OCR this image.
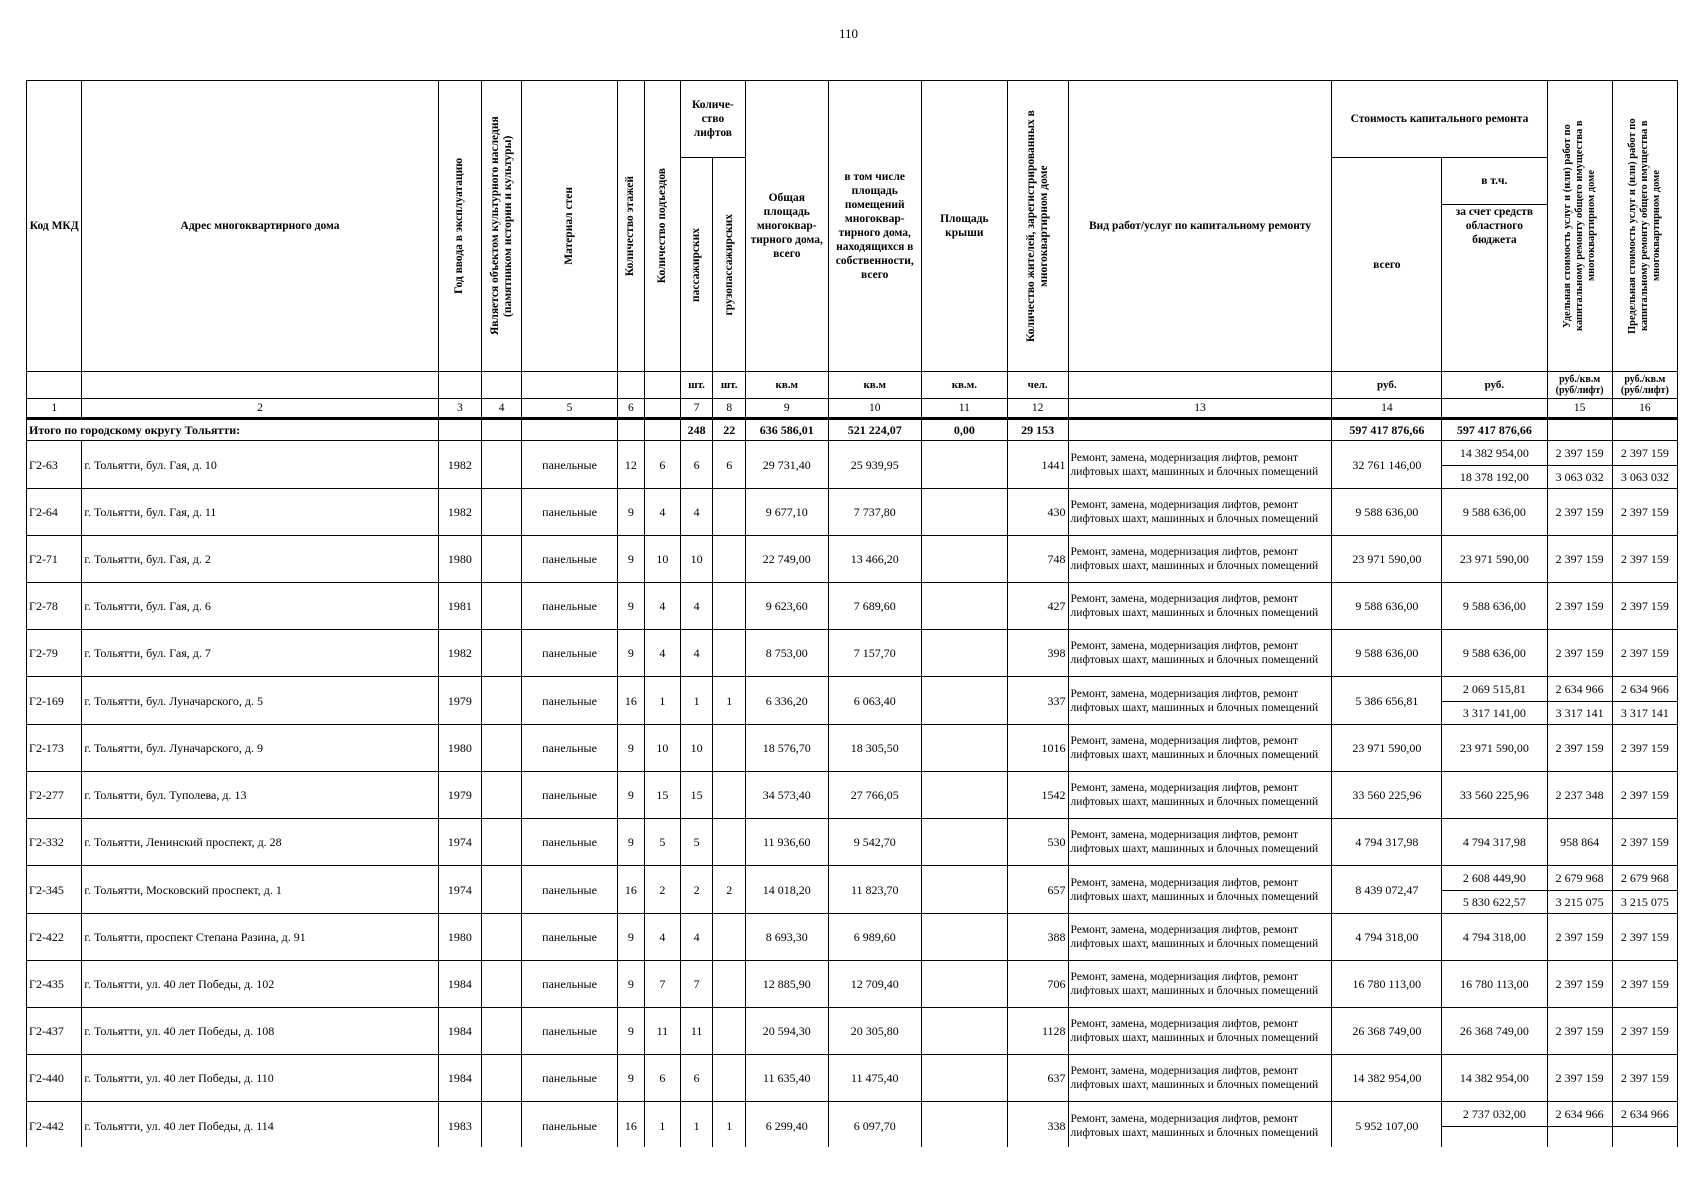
110
Код МКД	Адрес многоквартирного дома	Год ввода в эксплуатацию	Является объектом культурного наследия (памятником истории и культуры)	Материал стен	Количество этажей	Количество подъездов	Количе-ство лифтов		Общая площадь многоквар-тирного дома, всего	в том числе площадь помещений многоквар-тирного дома, находящихся в собственности, всего	Площадь крыши	Количество жителей, зарегистрированных в многоквартирном доме	Вид работ/услуг по капитальному ремонту	Стоимость капитального ремонта		Удельная стоимость услуг и (или) работ по капитальному ремонту общего имущества в многоквартирном доме	Предельная стоимость услуг и (или) работ по капитальному ремонту общего имущества в многоквартирном доме

							пассажирских	грузопассажирских						всего	в т.ч.		
															за счет средств областного бюджета		
							шт.	шт.	кв.м	кв.м	кв.м.	чел.		руб.	руб.	руб./кв.м (руб/лифт)	руб./кв.м (руб/лифт)
1	2	3	4	5	6		7	8	9	10	11	12	13	14		15	16
Итого по городскому округу Тольятти:							248	22	636 586,01	521 224,07	0,00	29 153		597 417 876,66	597 417 876,66		
Г2-63	г. Тольятти, бул. Гая, д. 10	1982		панельные	12	6	6	6	29 731,40	25 939,95		1441	Ремонт, замена, модернизация лифтов, ремонт лифтовых шахт, машинных и блочных помещений	32 761 146,00	14 382 954,00	2 397 159	2 397 159
															18 378 192,00	3 063 032	3 063 032
Г2-64	г. Тольятти, бул. Гая, д. 11	1982		панельные	9	4	4		9 677,10	7 737,80		430	Ремонт, замена, модернизация лифтов, ремонт лифтовых шахт, машинных и блочных помещений	9 588 636,00	9 588 636,00	2 397 159	2 397 159
Г2-71	г. Тольятти, бул. Гая, д. 2	1980		панельные	9	10	10		22 749,00	13 466,20		748	Ремонт, замена, модернизация лифтов, ремонт лифтовых шахт, машинных и блочных помещений	23 971 590,00	23 971 590,00	2 397 159	2 397 159
Г2-78	г. Тольятти, бул. Гая, д. 6	1981		панельные	9	4	4		9 623,60	7 689,60		427	Ремонт, замена, модернизация лифтов, ремонт лифтовых шахт, машинных и блочных помещений	9 588 636,00	9 588 636,00	2 397 159	2 397 159
Г2-79	г. Тольятти, бул. Гая, д. 7	1982		панельные	9	4	4		8 753,00	7 157,70		398	Ремонт, замена, модернизация лифтов, ремонт лифтовых шахт, машинных и блочных помещений	9 588 636,00	9 588 636,00	2 397 159	2 397 159
Г2-169	г. Тольятти, бул. Луначарского, д. 5	1979		панельные	16	1	1	1	6 336,20	6 063,40		337	Ремонт, замена, модернизация лифтов, ремонт лифтовых шахт, машинных и блочных помещений	5 386 656,81	2 069 515,81	2 634 966	2 634 966
															3 317 141,00	3 317 141	3 317 141
Г2-173	г. Тольятти, бул. Луначарского, д. 9	1980		панельные	9	10	10		18 576,70	18 305,50		1016	Ремонт, замена, модернизация лифтов, ремонт лифтовых шахт, машинных и блочных помещений	23 971 590,00	23 971 590,00	2 397 159	2 397 159
Г2-277	г. Тольятти, бул. Туполева, д. 13	1979		панельные	9	15	15		34 573,40	27 766,05		1542	Ремонт, замена, модернизация лифтов, ремонт лифтовых шахт, машинных и блочных помещений	33 560 225,96	33 560 225,96	2 237 348	2 397 159
Г2-332	г. Тольятти, Ленинский проспект, д. 28	1974		панельные	9	5	5		11 936,60	9 542,70		530	Ремонт, замена, модернизация лифтов, ремонт лифтовых шахт, машинных и блочных помещений	4 794 317,98	4 794 317,98	958 864	2 397 159
Г2-345	г. Тольятти, Московский проспект, д. 1	1974		панельные	16	2	2	2	14 018,20	11 823,70		657	Ремонт, замена, модернизация лифтов, ремонт лифтовых шахт, машинных и блочных помещений	8 439 072,47	2 608 449,90	2 679 968	2 679 968
															5 830 622,57	3 215 075	3 215 075
Г2-422	г. Тольятти, проспект Степана Разина, д. 91	1980		панельные	9	4	4		8 693,30	6 989,60		388	Ремонт, замена, модернизация лифтов, ремонт лифтовых шахт, машинных и блочных помещений	4 794 318,00	4 794 318,00	2 397 159	2 397 159
Г2-435	г. Тольятти, ул. 40 лет Победы, д. 102	1984		панельные	9	7	7		12 885,90	12 709,40		706	Ремонт, замена, модернизация лифтов, ремонт лифтовых шахт, машинных и блочных помещений	16 780 113,00	16 780 113,00	2 397 159	2 397 159
Г2-437	г. Тольятти, ул. 40 лет Победы, д. 108	1984		панельные	9	11	11		20 594,30	20 305,80		1128	Ремонт, замена, модернизация лифтов, ремонт лифтовых шахт, машинных и блочных помещений	26 368 749,00	26 368 749,00	2 397 159	2 397 159
Г2-440	г. Тольятти, ул. 40 лет Победы, д. 110	1984		панельные	9	6	6		11 635,40	11 475,40		637	Ремонт, замена, модернизация лифтов, ремонт лифтовых шахт, машинных и блочных помещений	14 382 954,00	14 382 954,00	2 397 159	2 397 159
Г2-442	г. Тольятти, ул. 40 лет Победы, д. 114	1983		панельные	16	1	1	1	6 299,40	6 097,70		338	Ремонт, замена, модернизация лифтов, ремонт лифтовых шахт, машинных и блочных помещений	5 952 107,00	2 737 032,00	2 634 966	2 634 966
